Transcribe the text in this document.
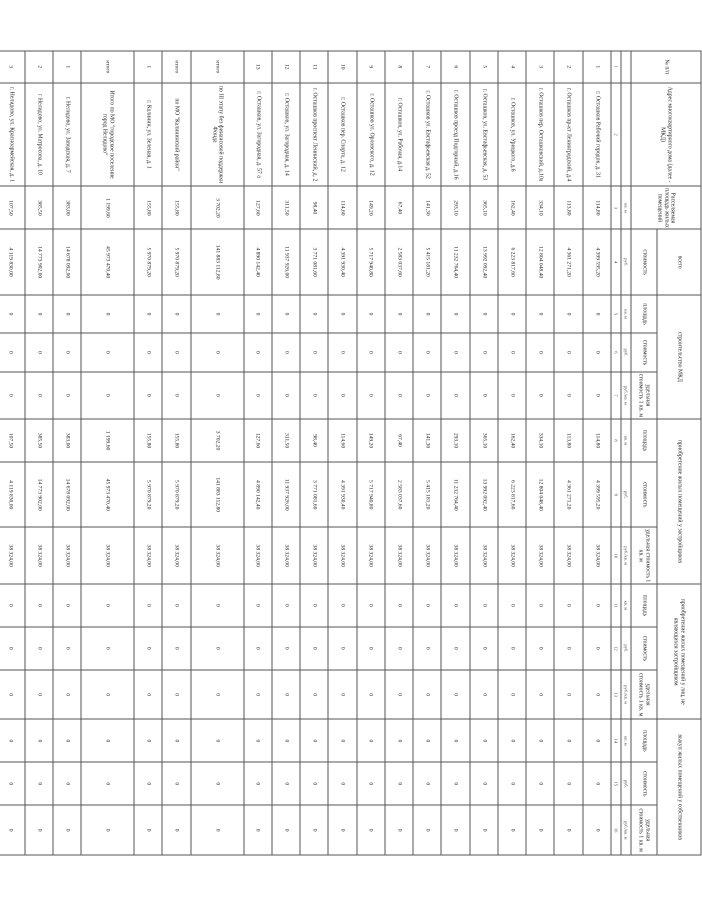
№ п/п	Адрес многоквартирного дома (далее - МКД)	Расселяемая площадь жилых помещений	всего	строительство МКД			приобретение жилых помещений у застройщиков			приобретение жилых помещений у лиц, не являющихся застройщиком			выкуп жилых помещений у собственников		
			стоимость	площадь	стоимость	удельная стоимость 1 кв. м	площадь	стоимость	удельная стоимость 1 кв. м	площадь	стоимость	удельная стоимость 1 кв. м	площадь	стоимость	удельная стоимость 1 кв. м
		кв. м	руб.	кв. м	руб.	руб./кв. м	кв. м	руб.	руб./кв. м	кв. м	руб.	руб./кв. м	кв. м	руб.	руб./кв. м
1	2	3	4	5	6	7	8	9	10	11	12	13	14	15	16
1	г. Осташков Рабочий городок, д. 31	114,80	4 399 595,20	0	0	0	114,80	4 399 595,20	38 324,00	0	0	0	0	0	0
2	г. Осташков пр-кт Ленинградский, д.4	113,80	4 361 271,20	0	0	0	113,80	4 361 271,20	38 324,00	0	0	0	0	0	0
3	г. Осташков пер. Осташковский, д.10а	334,10	12 804 048,40	0	0	0	334,10	12 804 048,40	38 324,00	0	0	0	0	0	0
4	г. Осташков, ул. Урицкого, д.6	162,40	6 223 817,60	0	0	0	162,40	6 223 817,60	38 324,00	0	0	0	0	0	0
5	г. Осташков, ул. Евстафьевская, д. 53	365,10	13 992 092,40	0	0	0	365,10	13 992 092,40	38 324,00	0	0	0	0	0	0
6	г. Осташков проезд Подгорный, д.16	293,10	11 232 764,40	0	0	0	293,10	11 232 764,40	38 324,00	0	0	0	0	0	0
7	г. Осташков ул. Евстафьевская д. 52	141,30	5 415 181,20	0	0	0	141,30	5 415 181,20	38 324,00	0	0	0	0	0	0
8	г. Осташков, ул. Рабочая, д.14	67,40	2 583 037,60	0	0	0	67,40	2 583 037,60	38 324,00	0	0	0	0	0	0
9	г. Осташков ул. Орловского, д. 12	149,20	5 717 940,80	0	0	0	149,20	5 717 940,80	38 324,00	0	0	0	0	0	0
10	г. Осташков пер. Спорта, д. 12	114,60	4 391 930,40	0	0	0	114,60	4 391 930,40	38 324,00	0	0	0	0	0	0
11	г. Осташков проспект Ленинский, д. 2	98,40	3 771 081,60	0	0	0	98,40	3 771 081,60	38 324,00	0	0	0	0	0	0
12	г. Осташков, ул. Загородная, д. 14	311,50	11 937 926,00	0	0	0	311,50	11 937 926,00	38 324,00	0	0	0	0	0	0
13	г. Осташков, ул. Загородная, д. 57 а	127,60	4 890 142,40	0	0	0	127,60	4 890 142,40	38 324,00	0	0	0	0	0	0
итого	по III этапу без финансовой поддержки Фонда	3 702,20	141 883 112,80	0	0	0	3 702,20	141 883 112,80	38 324,00	0	0	0	0	0	0
итого	по МО "Калининский район"	155,80	5 970 879,20	0	0	0	155,80	5 970 879,20	38 324,00	0	0	0	0	0	0
1	г. Калинин, ул. Зеленая, д. 1	155,80	5 970 879,20	0	0	0	155,80	5 970 879,20	38 324,00	0	0	0	0	0	0
итого	Итого по МО "городское поселение город Нелидово"	1 199,60	45 973 470,40	0	0	0	1 199,60	45 973 470,40	38 324,00	0	0	0	0	0	0
1	г. Нелидово, ул. Заводская, д. 7	383,00	14 678 092,00	0	0	0	383,00	14 678 092,00	38 324,00	0	0	0	0	0	0
2	г Нелидово, ул. Матросова, д. 10	385,50	14 773 902,00	0	0	0	385,50	14 773 902,00	38 324,00	0	0	0	0	0	0
3	г. Нелидово, ул. Красноармейская, д. 1	107,50	4 119 830,00	0	0	0	107,50	4 119 830,00	38 324,00	0	0	0	0	0	0
